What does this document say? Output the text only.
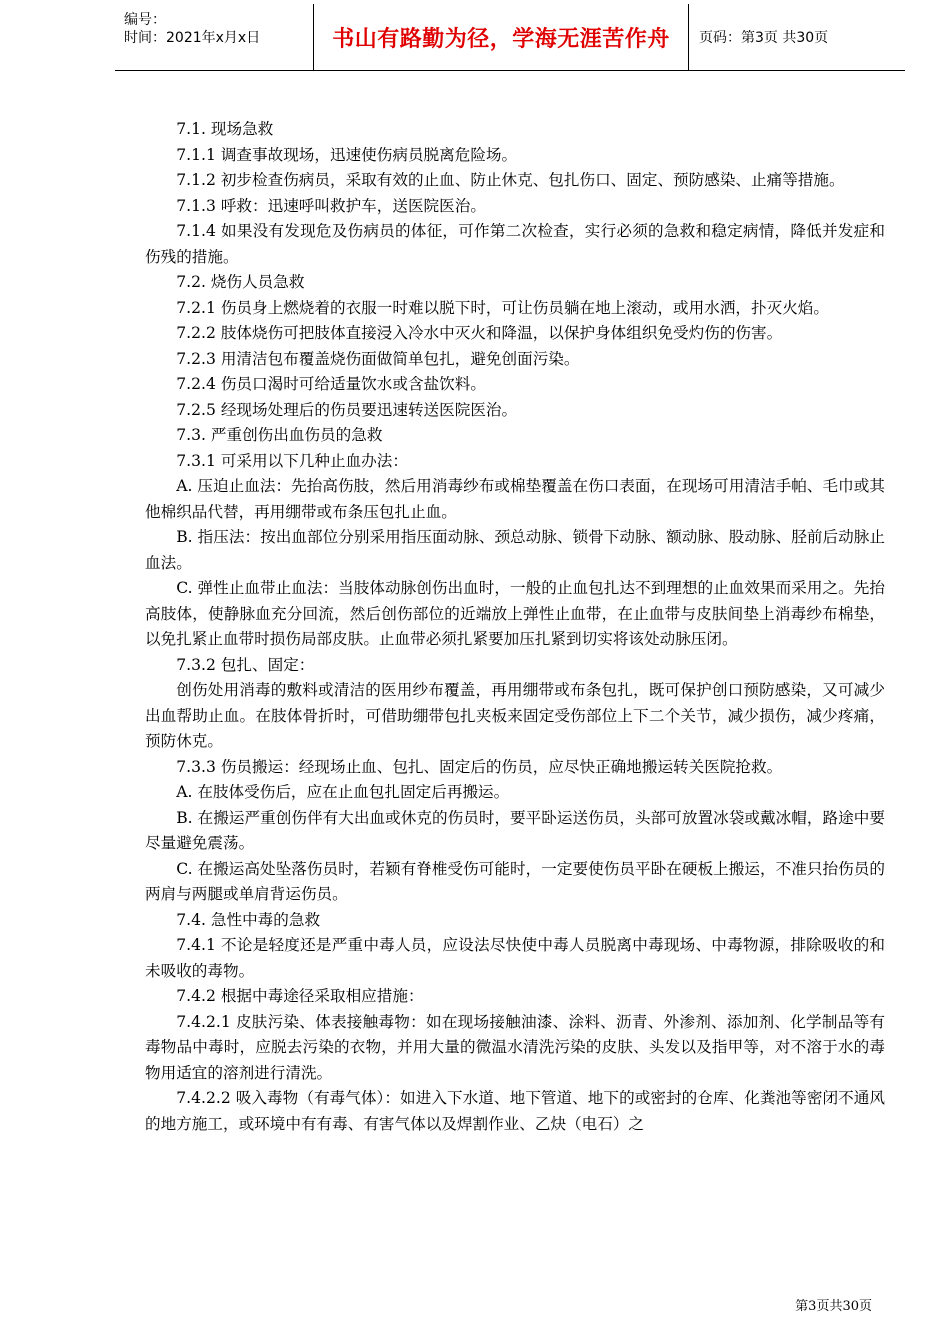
编号：
时间：2021年x月x日	书山有路勤为径，学海无涯苦作舟	页码：第3页 共30页

7.1. 现场急救

7.1.1 调查事故现场，迅速使伤病员脱离危险场。

7.1.2 初步检查伤病员，采取有效的止血、防止休克、包扎伤口、固定、预防感染、止痛等措施。

7.1.3 呼救：迅速呼叫救护车，送医院医治。

7.1.4 如果没有发现危及伤病员的体征，可作第二次检查，实行必须的急救和稳定病情，降低并发症和伤残的措施。

7.2. 烧伤人员急救

7.2.1 伤员身上燃烧着的衣服一时难以脱下时，可让伤员躺在地上滚动，或用水洒，扑灭火焰。

7.2.2 肢体烧伤可把肢体直接浸入冷水中灭火和降温，以保护身体组织免受灼伤的伤害。

7.2.3 用清洁包布覆盖烧伤面做简单包扎，避免创面污染。

7.2.4 伤员口渴时可给适量饮水或含盐饮料。

7.2.5 经现场处理后的伤员要迅速转送医院医治。

7.3. 严重创伤出血伤员的急救

7.3.1 可采用以下几种止血办法：

A. 压迫止血法：先抬高伤肢，然后用消毒纱布或棉垫覆盖在伤口表面，在现场可用清洁手帕、毛巾或其他棉织品代替，再用绷带或布条压包扎止血。

B. 指压法：按出血部位分别采用指压面动脉、颈总动脉、锁骨下动脉、额动脉、股动脉、胫前后动脉止血法。

C. 弹性止血带止血法：当肢体动脉创伤出血时，一般的止血包扎达不到理想的止血效果而采用之。先抬高肢体，使静脉血充分回流，然后创伤部位的近端放上弹性止血带，在止血带与皮肤间垫上消毒纱布棉垫，以免扎紧止血带时损伤局部皮肤。止血带必须扎紧要加压扎紧到切实将该处动脉压闭。

7.3.2 包扎、固定：

创伤处用消毒的敷料或清洁的医用纱布覆盖，再用绷带或布条包扎，既可保护创口预防感染，又可减少出血帮助止血。在肢体骨折时，可借助绷带包扎夹板来固定受伤部位上下二个关节，减少损伤，减少疼痛，预防休克。

7.3.3 伤员搬运：经现场止血、包扎、固定后的伤员，应尽快正确地搬运转关医院抢救。

A. 在肢体受伤后，应在止血包扎固定后再搬运。

B. 在搬运严重创伤伴有大出血或休克的伤员时，要平卧运送伤员，头部可放置冰袋或戴冰帽，路途中要尽量避免震荡。

C. 在搬运高处坠落伤员时，若颖有脊椎受伤可能时，一定要使伤员平卧在硬板上搬运，不准只抬伤员的两肩与两腿或单肩背运伤员。

7.4. 急性中毒的急救

7.4.1 不论是轻度还是严重中毒人员，应设法尽快使中毒人员脱离中毒现场、中毒物源，排除吸收的和未吸收的毒物。

7.4.2 根据中毒途径采取相应措施：

7.4.2.1 皮肤污染、体表接触毒物：如在现场接触油漆、涂料、沥青、外渗剂、添加剂、化学制品等有毒物品中毒时，应脱去污染的衣物，并用大量的微温水清洗污染的皮肤、头发以及指甲等，对不溶于水的毒物用适宜的溶剂进行清洗。

7.4.2.2 吸入毒物（有毒气体）：如进入下水道、地下管道、地下的或密封的仓库、化粪池等密闭不通风的地方施工，或环境中有有毒、有害气体以及焊割作业、乙炔（电石）之

第3页共30页
